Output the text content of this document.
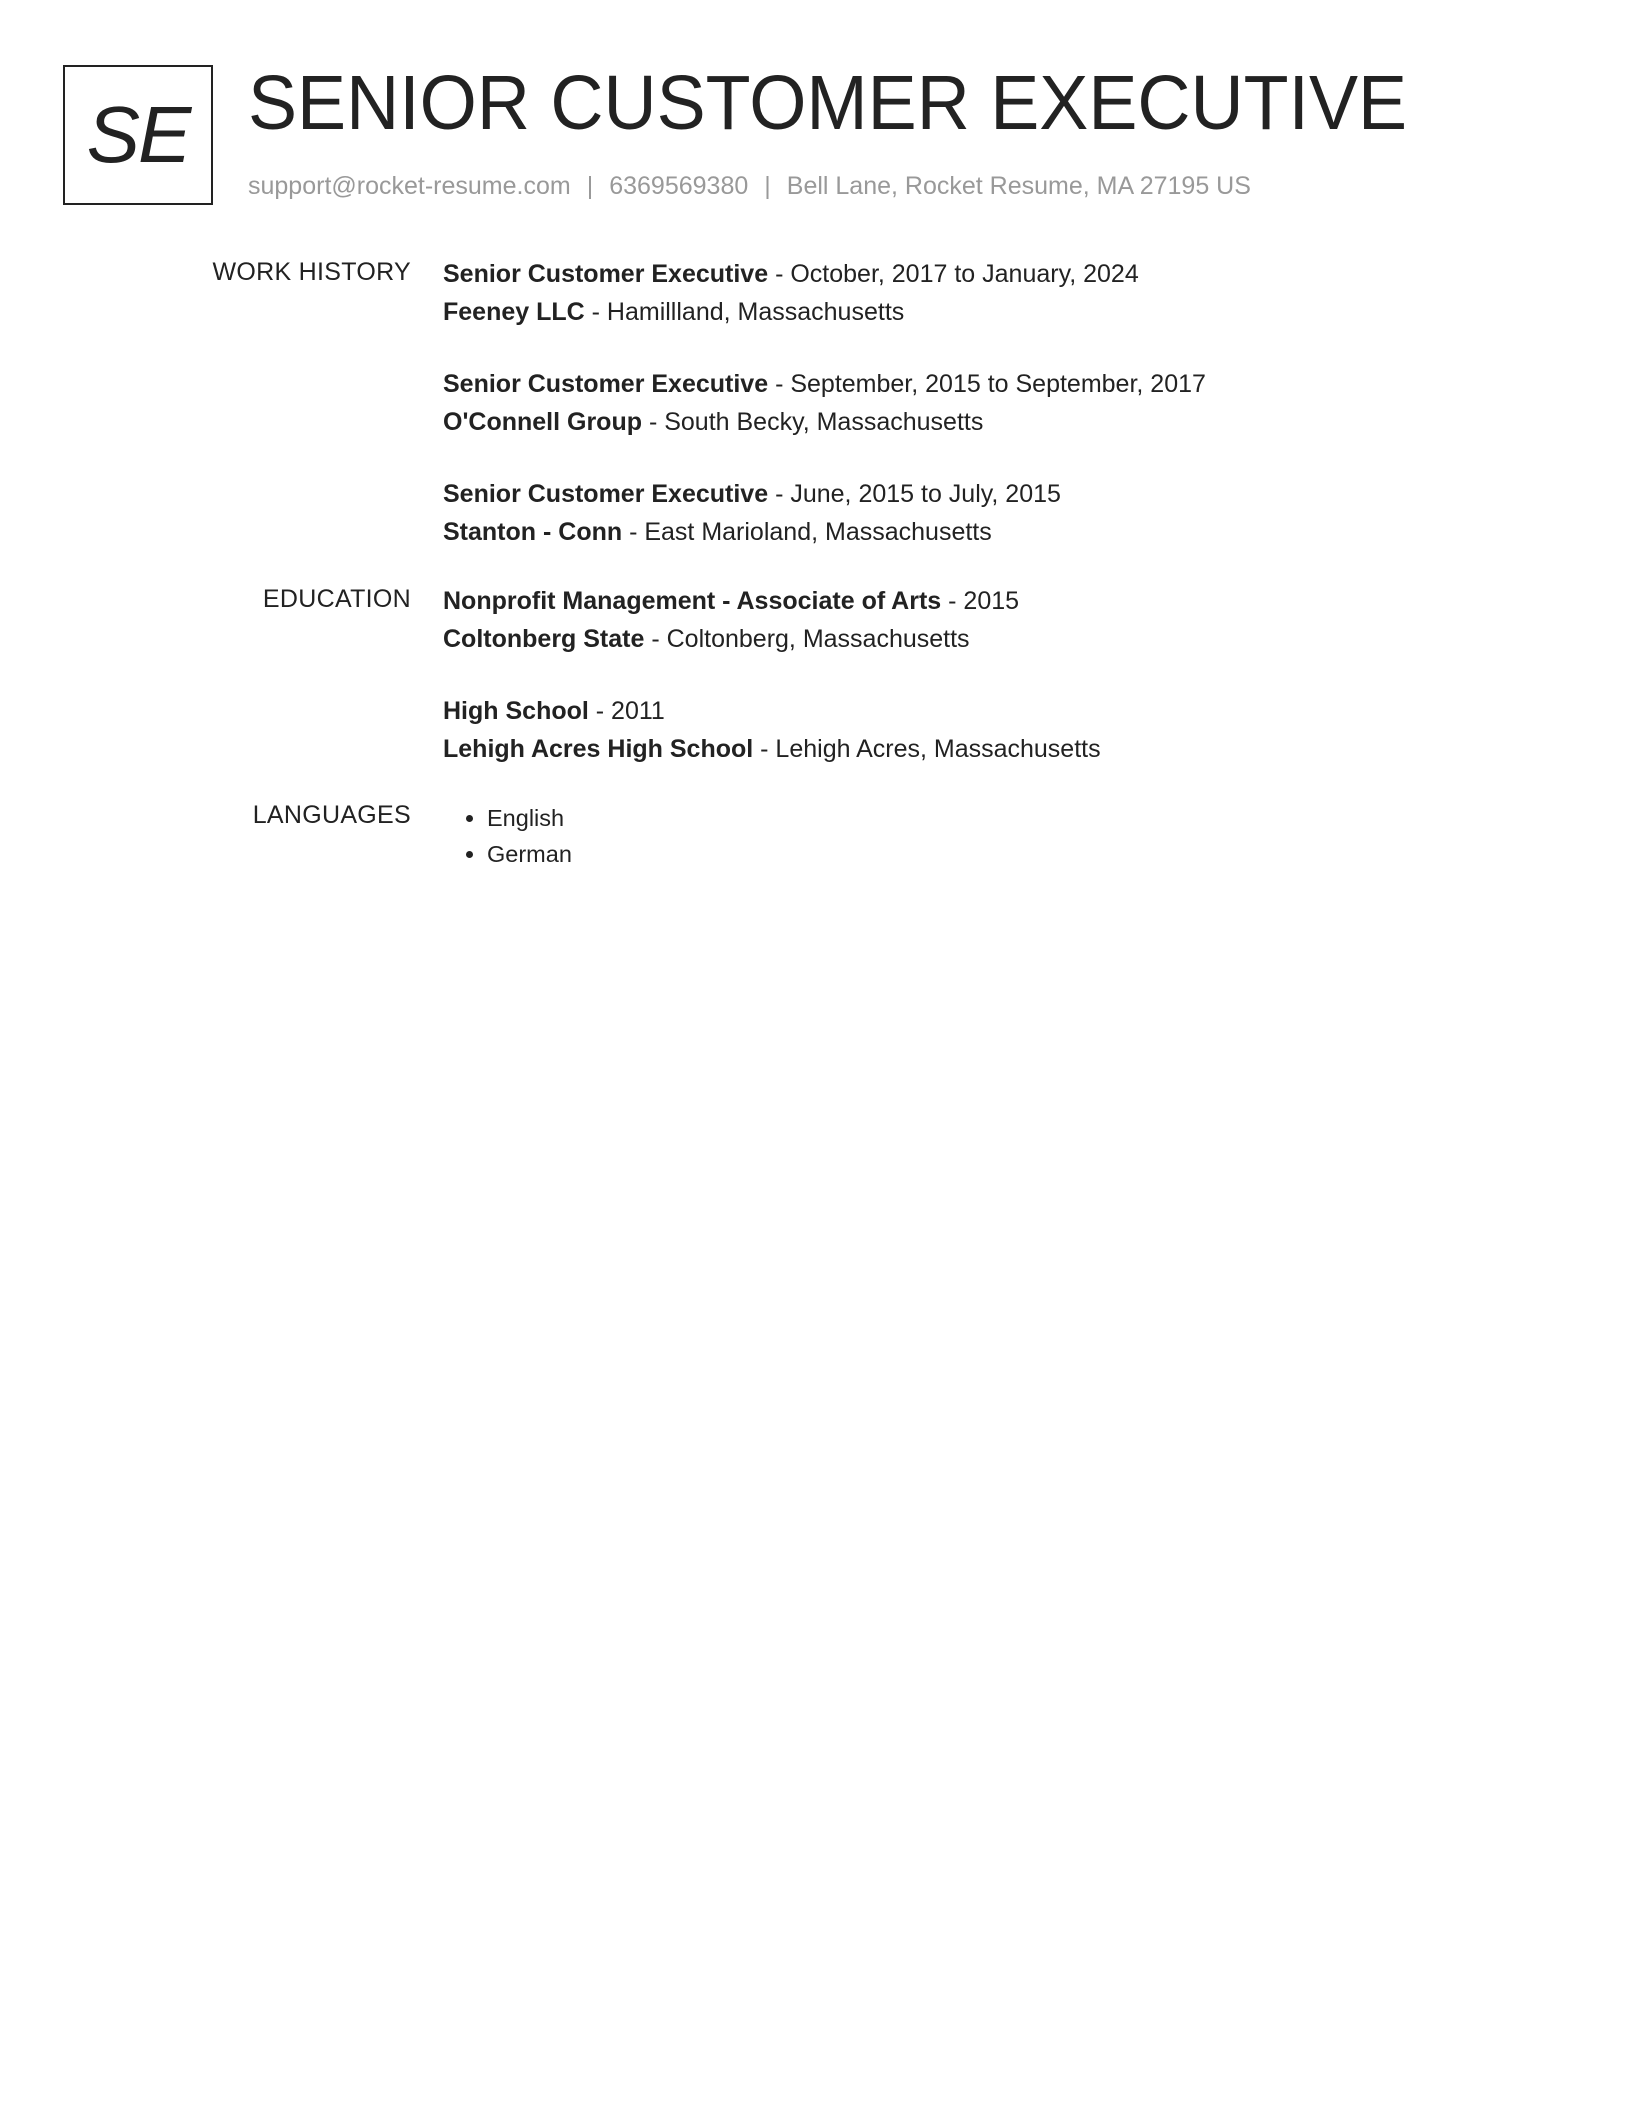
SE SENIOR CUSTOMER EXECUTIVE
support@rocket-resume.com | 6369569380 | Bell Lane, Rocket Resume, MA 27195 US
WORK HISTORY Senior Customer Executive - October, 2017 to January, 2024
Feeney LLC - Hamillland, Massachusetts
Senior Customer Executive - September, 2015 to September, 2017
O'Connell Group - South Becky, Massachusetts
Senior Customer Executive - June, 2015 to July, 2015
Stanton - Conn - East Marioland, Massachusetts
EDUCATION Nonprofit Management - Associate of Arts - 2015
Coltonberg State - Coltonberg, Massachusetts
High School - 2011
Lehigh Acres High School - Lehigh Acres, Massachusetts
LANGUAGES
•	English
• German
